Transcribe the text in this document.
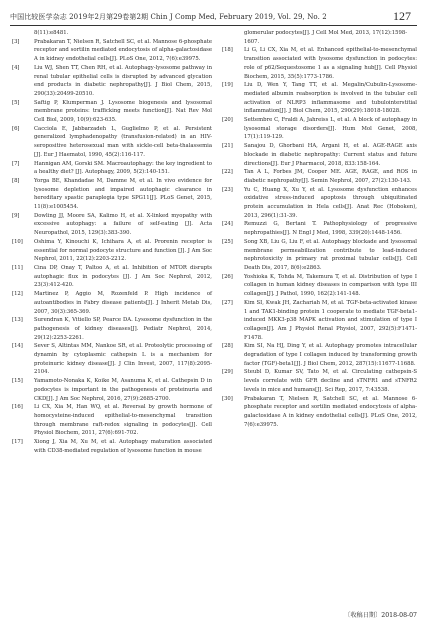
中国比较医学杂志 2019年2月第29卷第2期 Chin J Comp Med, February 2019, Vol. 29, No. 2	127
8(11):e8481.
[3]	Prabakaran T, Nielsen R, Satchell SC, et al. Mannose 6-phosphate receptor and sortilin mediated endocytosis of alpha-galactosidase A in kidney endothelial cells[J]. PLoS One, 2012, 7(6):e39975.
[4]	Liu WJ, Shen TT, Chen RH, et al. Autophagy-lysosome pathway in renal tubular epithelial cells is disrupted by advanced glycation end products in diabetic nephropathy[J]. J Biol Chem, 2015, 290(33):20499-20510.
[5]	Saftig P, Klumperman J. Lysosome biogenesis and lysosomal membrane proteins: trafficking meets function[J]. Nat Rev Mol Cell Biol, 2009, 10(9):623-635.
[6]	Cacciola E, Jabbarzadeh L, Guglielmo P, et al. Persistent generalized lymphadenopathy (transfusion-related) in an HIV-seropositive heterosexual man with sickle-cell beta-thalassemia [J]. Eur J Haematol, 1990, 45(2):116-117.
[7]	Hannigan AM, Gorski SM. Macroautophagy: the key ingredient to a healthy diet? [J]. Autophagy, 2009, 5(2):140-151.
[8]	Yorga BE, Khandadae M, Damme M, et al. In vivo evidence for lysosome depletion and impaired autophagic clearance in hereditary spastic paraplegia type SPG11[J]. PLoS Genet, 2015, 11(8):e1005454.
[9]	Dowling JJ, Moore SA, Kalimo H, et al. X-linked myopathy with excessive autophagy: a failure of self-eating [J]. Acta Neuropathol, 2015, 129(3):383-390.
[10]	Oshima Y, Kinouchi K, Ichihara A, et al. Prorenin receptor is essential for normal podocyte structure and function [J]. J Am Soc Nephrol, 2011, 22(12):2203-2212.
[11]	Cina DP, Onay T, Paltoo A, et al. Inhibition of MTOR disrupts autophagic flux in podocytes [J]. J Am Soc Nephrol, 2012, 23(3):412-420.
[12]	Martinez P, Aggio M, Rozenfeld P. High incidence of autoantibodies in Fabry disease patients[J]. J Inherit Metab Dis, 2007, 30(3):365-369.
[13]	Surendran K, Vitiello SP, Pearce DA. Lysosome dysfunction in the pathogenesis of kidney diseases[J]. Pediatr Nephrol, 2014, 29(12):2253-2261.
[14]	Sever S, Altintas MM, Nankoe SR, et al. Proteolytic processing of dynamin by cytoplasmic cathepsin L is a mechanism for proteinuric kidney disease[J]. J Clin Invest, 2007, 117(8):2095-2104.
[15]	Yamamoto-Nonaka K, Koike M, Asanuma K, et al. Cathepsin D in podocytes is important in the pathogenesis of proteinuria and CKD[J]. J Am Soc Nephrol, 2016, 27(9):2685-2700.
[16]	Li CX, Xia M, Han WQ, et al. Reversal by growth hormone of homocysteine-induced epithelial-to-mesenchymal transition through membrane raft-redox signaling in podocytes[J]. Cell Physiol Biochem, 2011, 27(6):691-702.
[17]	Xiong J, Xia M, Xu M, et al. Autophagy maturation associated with CD38-mediated regulation of lysosome function in mouse
glomerular podocytes[J]. J Cell Mol Med, 2013, 17(12):1598-1607.
[18]	Li G, Li CX, Xia M, et al. Enhanced epithelial-to-mesenchymal transition associated with lysosome dysfunction in podocytes: role of p62/Sequestosome 1 as a signaling hub[J]. Cell Physiol Biochem, 2015, 35(5):1773-1786.
[19]	Liu D, Wen Y, Tang TT, et al. Megalin/Cubulin-Lysosome-mediated albumin reabsorption is involved in the tubular cell activation of NLRP3 inflammasome and tubulointerstitial inflammation[J]. J Biol Chem, 2015, 290(29):18018-18028.
[20]	Settembre C, Fraldi A, Jahreiss L, et al. A block of autophagy in lysosomal storage disorders[J]. Hum Mol Genet, 2008, 17(1):119-129.
[21]	Sanajou D, Ghorbani HA, Argani H, et al. AGE-RAGE axis blockade in diabetic nephropathy: Current status and future directions[J]. Eur J Pharmacol, 2018, 833:158-164.
[22]	Tan A L, Forbes JM, Cooper ME. AGE, RAGE, and ROS in diabetic nephropathy[J]. Semin Nephrol, 2007, 27(2):130-143.
[23]	Yu C, Huang X, Xu Y, et al. Lysosome dysfunction enhances oxidative stress-induced apoptosis through ubiquitinated protein accumulation in Hela cells[J]. Anat Rec (Hoboken), 2013, 296(1):31-39.
[24]	Remuzzi G, Bertani T. Pathophysiology of progressive nephropathies[J]. N Engl J Med, 1998, 339(20):1448-1456.
[25]	Song XB, Liu G, Liu F, et al. Autophagy blockade and lysosomal membrane permeabilization contribute to lead-induced nephrotoxicity in primary rat proximal tubular cells[J]. Cell Death Dis, 2017, 8(6):e2863.
[26]	Yoshioka K, Tohda M, Takemura T, et al. Distribution of type I collagen in human kidney diseases in comparison with type III collagen[J]. J Pathol, 1990, 162(2):141-148.
[27]	Kim SI, Kwak JH, Zachariah M, et al. TGF-beta-activated kinase 1 and TAK1-binding protein 1 cooperate to mediate TGF-beta1-induced MKK3-p38 MAPK activation and stimulation of type I collagen[J]. Am J Physiol Renal Physiol, 2007, 292(5):F1471-F1478.
[28]	Kim SI, Na HJ, Ding Y, et al. Autophagy promotes intracellular degradation of type I collagen induced by transforming growth factor (TGF)-beta1[J]. J Biol Chem, 2012, 287(15):11677-11688.
[29]	Steubl D, Kumar SV, Tato M, et al. Circulating cathepsin-S levels correlate with GFR decline and sTNFR1 and sTNFR2 levels in mice and humans[J]. Sci Rep, 2017, 7:43538.
[30]	Prabakaran T, Nielsen R, Satchell SC, et al. Mannose 6-phosphate receptor and sortilin mediated endocytosis of alpha-galactosidase A in kidney endothelial cells[J]. PLoS One, 2012, 7(6):e39975.
〔收稿日期〕2018-08-07
